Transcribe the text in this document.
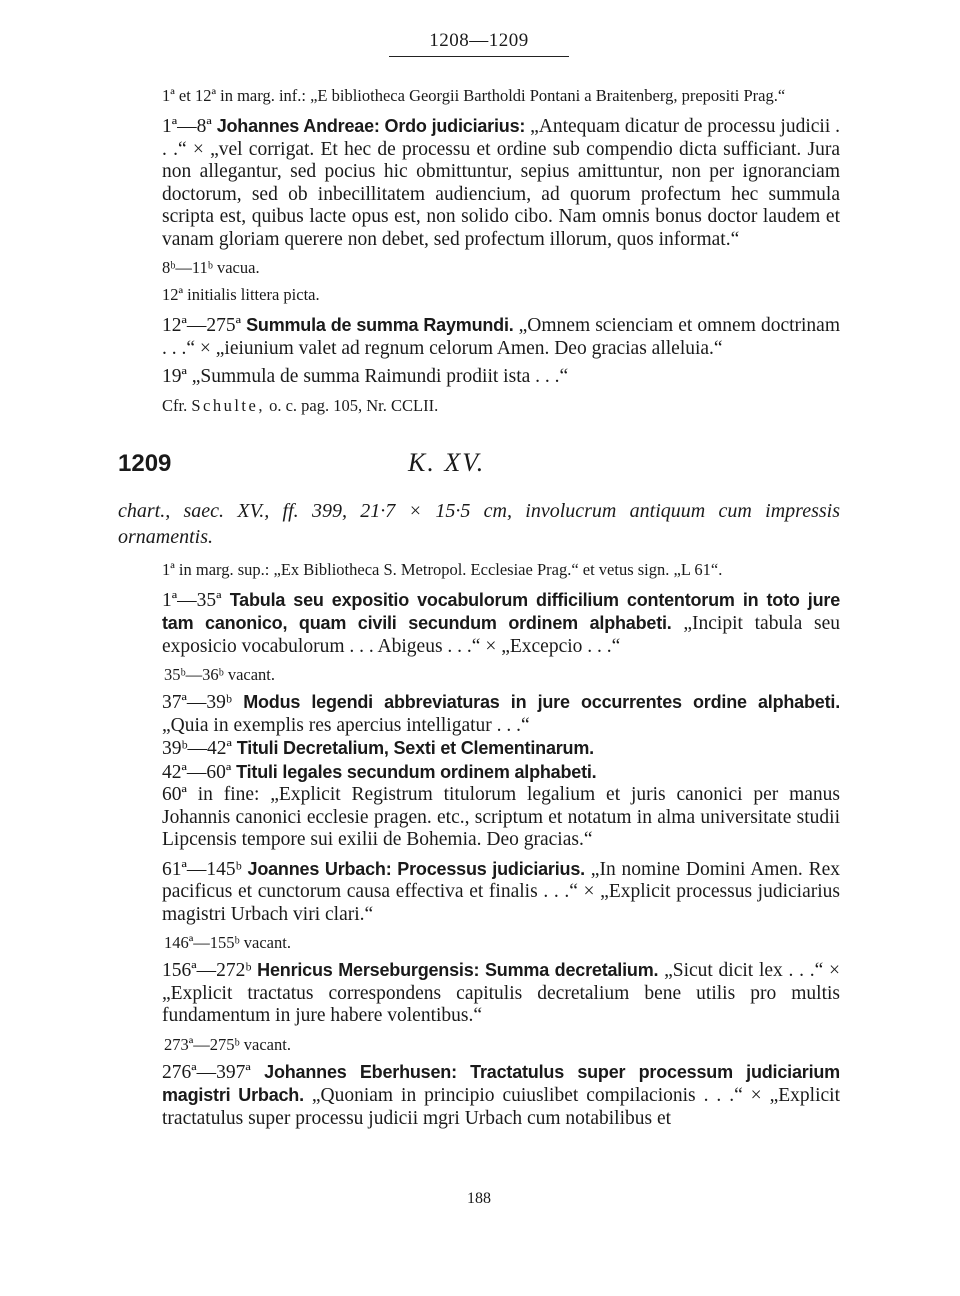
1208—1209

1ª et 12ª in marg. inf.: „E bibliotheca Georgii Bartholdi Pontani a Braitenberg, prepositi Prag.“

1ª—8ª Johannes Andreae: Ordo judiciarius: „Antequam dicatur de processu judicii . . .“ × „vel corrigat. Et hec de processu et ordine sub compendio dicta sufficiant. Jura non allegantur, sed pocius hic obmittuntur, sepius amittuntur, non per ignoranciam doctorum, sed ob inbecillitatem audiencium, ad quorum profectum hec summula scripta est, quibus lacte opus est, non solido cibo. Nam omnis bonus doctor laudem et vanam gloriam querere non debet, sed profectum illorum, quos informat.“

8ᵇ—11ᵇ vacua.

12ª initialis littera picta.

12ª—275ª Summula de summa Raymundi. „Omnem scienciam et omnem doctrinam . . .“ × „ieiunium valet ad regnum celorum Amen. Deo gracias alleluia.“

19ª „Summula de summa Raimundi prodiit ista . . .“

Cfr. Schulte, o. c. pag. 105, Nr. CCLII.

1209	K. XV.

chart., saec. XV., ff. 399, 21·7 × 15·5 cm, involucrum antiquum cum impressis ornamentis.

1ª in marg. sup.: „Ex Bibliotheca S. Metropol. Ecclesiae Prag.“ et vetus sign. „L 61“.

1ª—35ª Tabula seu expositio vocabulorum difficilium contentorum in toto jure tam canonico, quam civili secundum ordinem alphabeti. „Incipit tabula seu exposicio vocabulorum . . . Abigeus . . .“ × „Excepcio . . .“

35ᵇ—36ᵇ vacant.

37ª—39ᵇ Modus legendi abbreviaturas in jure occurrentes ordine alphabeti. „Quia in exemplis res apercius intelligatur . . .“

39ᵇ—42ª Tituli Decretalium, Sexti et Clementinarum.

42ª—60ª Tituli legales secundum ordinem alphabeti.

60ª in fine: „Explicit Registrum titulorum legalium et juris canonici per manus Johannis canonici ecclesie pragen. etc., scriptum et notatum in alma universitate studii Lipcensis tempore sui exilii de Bohemia. Deo gracias.“

61ª—145ᵇ Joannes Urbach: Processus judiciarius. „In nomine Domini Amen. Rex pacificus et cunctorum causa effectiva et finalis . . .“ × „Explicit processus judiciarius magistri Urbach viri clari.“

146ª—155ᵇ vacant.

156ª—272ᵇ Henricus Merseburgensis: Summa decretalium. „Sicut dicit lex . . .“ × „Explicit tractatus correspondens capitulis decretalium bene utilis pro multis fundamentum in jure habere volentibus.“

273ª—275ᵇ vacant.

276ª—397ª Johannes Eberhusen: Tractatulus super processum judiciarium magistri Urbach. „Quoniam in principio cuiuslibet compilacionis . . .“ × „Explicit tractatulus super processu judicii mgri Urbach cum notabilibus et

188
